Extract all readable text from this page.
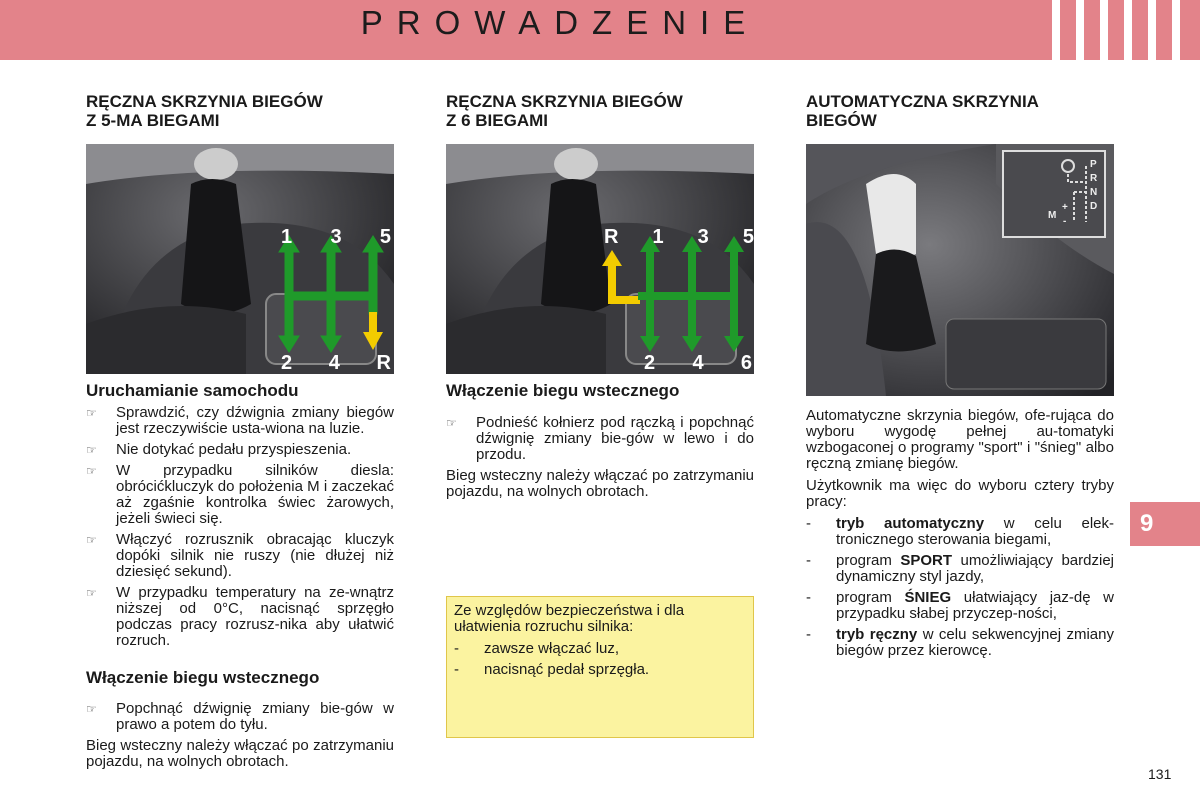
PROWADZENIE
RĘCZNA SKRZYNIA BIEGÓW
Z 5-MA BIEGAMI
1 3 5
2 4 R
Uruchamianie samochodu
☞ Sprawdzić, czy dźwignia zmiany biegów jest rzeczywiście usta-wiona na luzie.
☞ Nie dotykać pedału przyspieszenia.
☞ W przypadku silników diesla: obrócićkluczyk do położenia M i zaczekać aż zgaśnie kontrolka świec żarowych, jeżeli świeci się.
☞ Włączyć rozrusznik obracając kluczyk dopóki silnik nie ruszy (nie dłużej niż dziesięć sekund).
☞ W przypadku temperatury na ze-wnątrz niższej od 0°C, nacisnąć sprzęgło podczas pracy rozrusz-nika aby ułatwić rozruch.
Włączenie biegu wstecznego
☞ Popchnąć dźwignię zmiany bie-gów w prawo a potem do tyłu.
Bieg wsteczny należy włączać po zatrzymaniu pojazdu, na wolnych obrotach.
RĘCZNA SKRZYNIA BIEGÓW
Z 6 BIEGAMI
R 1 3 5
2 4 6
Włączenie biegu wstecznego
☞ Podnieść kołnierz pod rączką i popchnąć dźwignię zmiany bie-gów w lewo i do przodu.
Bieg wsteczny należy włączać po zatrzymaniu pojazdu, na wolnych obrotach.
Ze względów bezpieczeństwa i dla ułatwienia rozruchu silnika:
- zawsze włączać luz,
- nacisnąć pedał sprzęgła.
AUTOMATYCZNA SKRZYNIA
BIEGÓW
P
R
N
D
M
+
-
Automatyczne skrzynia biegów, ofe-rująca do wyboru wygodę pełnej au-tomatyki wzbogaconej o programy "sport" i "śnieg" albo ręczną zmianę biegów.
Użytkownik ma więc do wyboru cztery tryby pracy:
- tryb automatyczny w celu elek-tronicznego sterowania biegami,
- program SPORT umożliwiający bardziej dynamiczny styl jazdy,
- program ŚNIEG ułatwiający jaz-dę w przypadku słabej przyczep-ności,
- tryb ręczny w celu sekwencyjnej zmiany biegów przez kierowcę.
9
131
